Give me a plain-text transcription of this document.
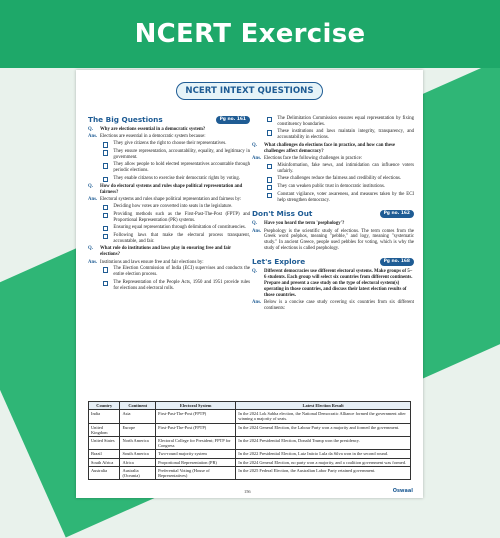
NCERT Exercise
NCERT INTEXT QUESTIONS
The Big Questions	Pg no. 161
Q.	Why are elections essential in a democratic system?
Ans. Elections are essential in a democratic system because:
They give citizens the right to choose their representatives.
They ensure representation, accountability, equality, and legitimacy in government.
They allow people to hold elected representatives accountable through periodic elections.
They enable citizens to exercise their democratic rights by voting.
Q.	How do electoral systems and rules shape political representation and fairness?
Ans. Electoral systems and rules shape political representation and fairness by:
Deciding how votes are converted into seats in the legislature.
Providing methods such as the First-Past-The-Post (FPTP) and Proportional Representation (PR) systems.
Ensuring equal representation through delimitation of constituencies.
Following laws that make the electoral process transparent, accountable, and fair.
Q.	What role do institutions and laws play in ensuring free and fair elections?
Ans. Institutions and laws ensure free and fair elections by:
The Election Commission of India (ECI) supervises and conducts the entire election process.
The Representation of the People Acts, 1950 and 1951 provide rules for elections and electoral rolls.
The Delimitation Commission ensures equal representation by fixing constituency boundaries.
These institutions and laws maintain integrity, transparency, and accountability in elections.
Q.	What challenges do elections face in practice, and how can these challenges affect democracy?
Ans. Elections face the following challenges in practice:
Misinformation, fake news, and intimidation can influence voters unfairly.
These challenges reduce the fairness and credibility of elections.
They can weaken public trust in democratic institutions.
Constant vigilance, voter awareness, and measures taken by the ECI help strengthen democracy.
Don't Miss Out	Pg no. 162
Q.	Have you heard the term 'psephology'?
Ans. Psephology is the scientific study of elections. The term comes from the Greek word psêphos, meaning "pebble," and logy, meaning "systematic study." In ancient Greece, people used pebbles for voting, which is why the study of elections is called psephology.
Let's Explore	Pg no. 168
Q.	Different democracies use different electoral systems. Make groups of 5–6 students. Each group will select six countries from different continents. Prepare and present a case study on the type of electoral system(s) operating in those countries, and discuss their latest election results of those countries.
Ans. Below is a concise case study covering six countries from six different continents:
Country	Continent	Electoral System	Latest Election Result
India	Asia	First-Past-The-Post (FPTP)	In the 2024 Lok Sabha election, the National Democratic Alliance formed the government after winning a majority of seats.
United Kingdom	Europe	First-Past-The-Post (FPTP)	In the 2024 General Election, the Labour Party won a majority and formed the government.
United States	North America	Electoral College for President; FPTP for Congress	In the 2024 Presidential Election, Donald Trump won the presidency.
Brazil	South America	Two-round majority system	In the 2022 Presidential Election, Luiz Inácio Lula da Silva won in the second round.
South Africa	Africa	Proportional Representation (PR)	In the 2024 General Election, no party won a majority, and a coalition government was formed.
Australia	Australia (Oceania)	Preferential Voting (House of Representatives)	In the 2025 Federal Election, the Australian Labor Party retained government.
156	Oswaal
